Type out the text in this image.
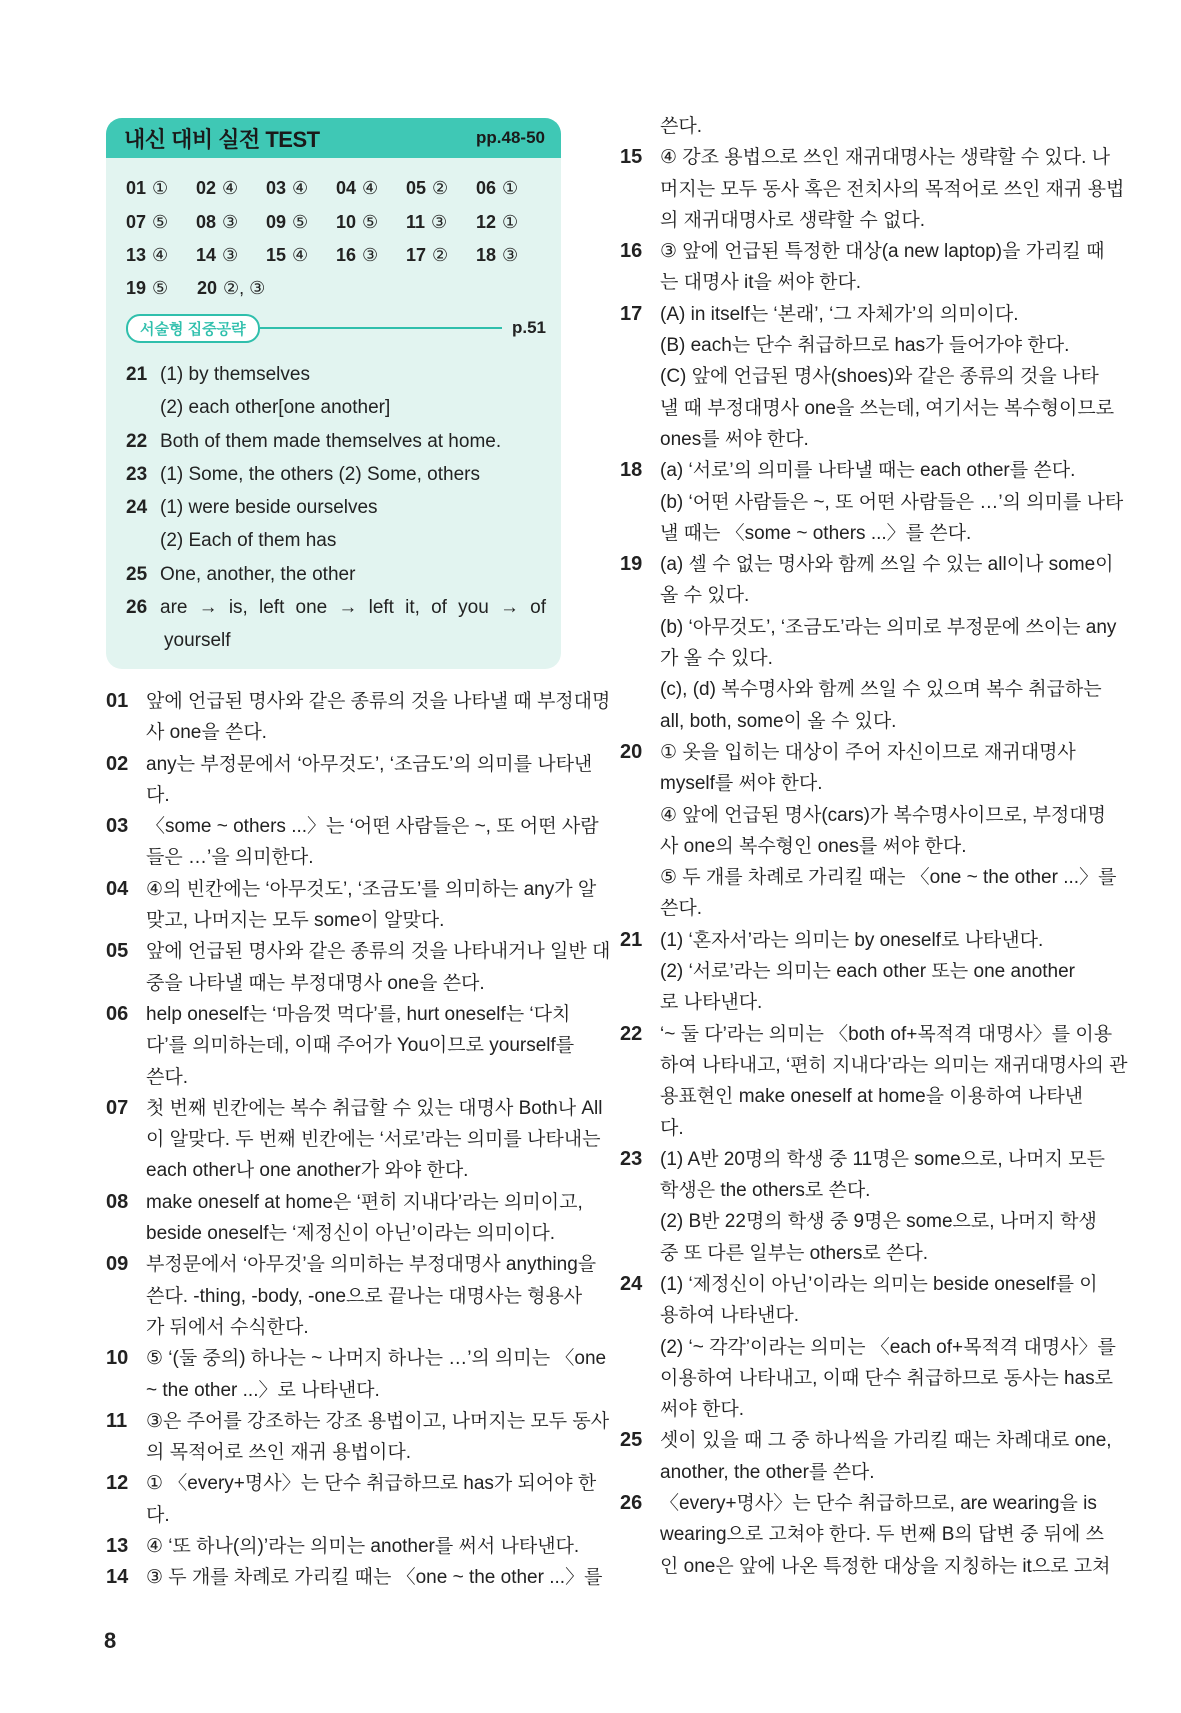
내신 대비 실전 TEST	pp.48-50
01 ①	02 ④	03 ④	04 ④	05 ②	06 ①
07 ⑤	08 ③	09 ⑤	10 ⑤	11 ③	12 ①
13 ④	14 ③	15 ④	16 ③	17 ②	18 ③
19 ⑤	20 ②, ③
서술형 집중공략	p.51
21 (1) by themselves
(2) each other[one another]
22 Both of them made themselves at home.
23 (1) Some, the others (2) Some, others
24 (1) were beside ourselves
(2) Each of them has
25 One, another, the other
26 are → is, left one → left it, of you → of
yourself
01 앞에 언급된 명사와 같은 종류의 것을 나타낼 때 부정대명
사 one을 쓴다.
02 any는 부정문에서 ‘아무것도’, ‘조금도’의 의미를 나타낸
다.
03 〈some ~ others ...〉는 ‘어떤 사람들은 ~, 또 어떤 사람
들은 …’을 의미한다.
04 ④의 빈칸에는 ‘아무것도’, ‘조금도’를 의미하는 any가 알
맞고, 나머지는 모두 some이 알맞다.
05 앞에 언급된 명사와 같은 종류의 것을 나타내거나 일반 대
중을 나타낼 때는 부정대명사 one을 쓴다.
06 help oneself는 ‘마음껏 먹다’를, hurt oneself는 ‘다치
다’를 의미하는데, 이때 주어가 You이므로 yourself를
쓴다.
07 첫 번째 빈칸에는 복수 취급할 수 있는 대명사 Both나 All
이 알맞다. 두 번째 빈칸에는 ‘서로’라는 의미를 나타내는
each other나 one another가 와야 한다.
08 make oneself at home은 ‘편히 지내다’라는 의미이고,
beside oneself는 ‘제정신이 아닌’이라는 의미이다.
09 부정문에서 ‘아무것’을 의미하는 부정대명사 anything을
쓴다. -thing, -body, -one으로 끝나는 대명사는 형용사
가 뒤에서 수식한다.
10 ⑤ ‘(둘 중의) 하나는 ~ 나머지 하나는 …’의 의미는 〈one
~ the other ...〉로 나타낸다.
11 ③은 주어를 강조하는 강조 용법이고, 나머지는 모두 동사
의 목적어로 쓰인 재귀 용법이다.
12 ① 〈every+명사〉는 단수 취급하므로 has가 되어야 한
다.
13 ④ ‘또 하나(의)’라는 의미는 another를 써서 나타낸다.
14 ③ 두 개를 차례로 가리킬 때는 〈one ~ the other ...〉를
쓴다.
15 ④ 강조 용법으로 쓰인 재귀대명사는 생략할 수 있다. 나
머지는 모두 동사 혹은 전치사의 목적어로 쓰인 재귀 용법
의 재귀대명사로 생략할 수 없다.
16 ③ 앞에 언급된 특정한 대상(a new laptop)을 가리킬 때
는 대명사 it을 써야 한다.
17 (A) in itself는 ‘본래’, ‘그 자체가’의 의미이다.
(B) each는 단수 취급하므로 has가 들어가야 한다.
(C) 앞에 언급된 명사(shoes)와 같은 종류의 것을 나타
낼 때 부정대명사 one을 쓰는데, 여기서는 복수형이므로
ones를 써야 한다.
18 (a) ‘서로’의 의미를 나타낼 때는 each other를 쓴다.
(b) ‘어떤 사람들은 ~, 또 어떤 사람들은 …’의 의미를 나타
낼 때는 〈some ~ others ...〉를 쓴다.
19 (a) 셀 수 없는 명사와 함께 쓰일 수 있는 all이나 some이
올 수 있다.
(b) ‘아무것도’, ‘조금도’라는 의미로 부정문에 쓰이는 any
가 올 수 있다.
(c), (d) 복수명사와 함께 쓰일 수 있으며 복수 취급하는
all, both, some이 올 수 있다.
20 ① 옷을 입히는 대상이 주어 자신이므로 재귀대명사
myself를 써야 한다.
④ 앞에 언급된 명사(cars)가 복수명사이므로, 부정대명
사 one의 복수형인 ones를 써야 한다.
⑤ 두 개를 차례로 가리킬 때는 〈one ~ the other ...〉를
쓴다.
21 (1) ‘혼자서’라는 의미는 by oneself로 나타낸다.
(2) ‘서로’라는 의미는 each other 또는 one another
로 나타낸다.
22 ‘~ 둘 다’라는 의미는 〈both of+목적격 대명사〉를 이용
하여 나타내고, ‘편히 지내다’라는 의미는 재귀대명사의 관
용표현인 make oneself at home을 이용하여 나타낸
다.
23 (1) A반 20명의 학생 중 11명은 some으로, 나머지 모든
학생은 the others로 쓴다.
(2) B반 22명의 학생 중 9명은 some으로, 나머지 학생
중 또 다른 일부는 others로 쓴다.
24 (1) ‘제정신이 아닌’이라는 의미는 beside oneself를 이
용하여 나타낸다.
(2) ‘~ 각각’이라는 의미는 〈each of+목적격 대명사〉를
이용하여 나타내고, 이때 단수 취급하므로 동사는 has로
써야 한다.
25 셋이 있을 때 그 중 하나씩을 가리킬 때는 차례대로 one,
another, the other를 쓴다.
26 〈every+명사〉는 단수 취급하므로, are wearing을 is
wearing으로 고쳐야 한다. 두 번째 B의 답변 중 뒤에 쓰
인 one은 앞에 나온 특정한 대상을 지칭하는 it으로 고쳐
8
